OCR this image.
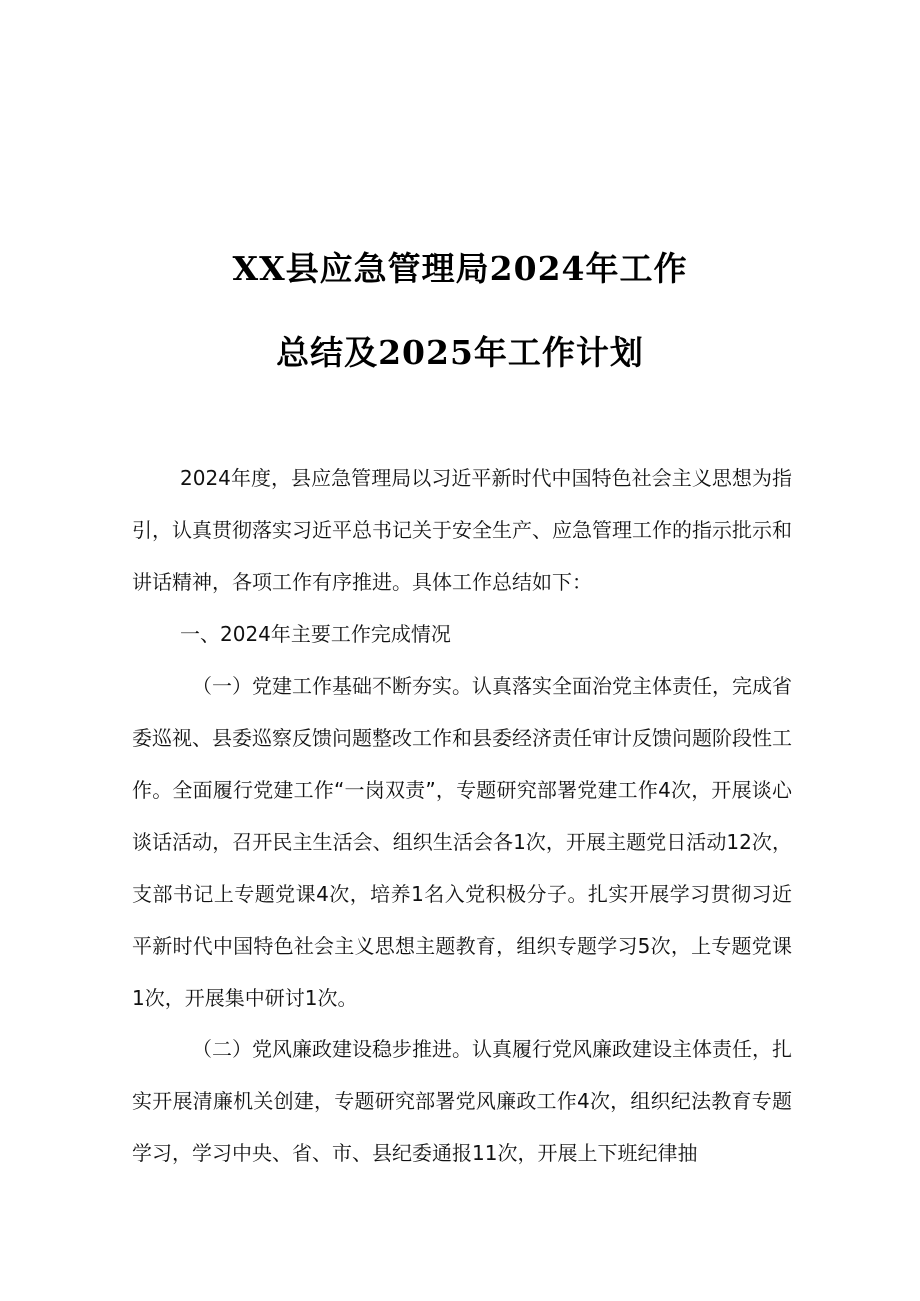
XX县应急管理局2024年工作
总结及2025年工作计划

2024年度，县应急管理局以习近平新时代中国特色社会主义思想为指引，认真贯彻落实习近平总书记关于安全生产、应急管理工作的指示批示和讲话精神，各项工作有序推进。具体工作总结如下：

一、2024年主要工作完成情况

（一）党建工作基础不断夯实。认真落实全面治党主体责任，完成省委巡视、县委巡察反馈问题整改工作和县委经济责任审计反馈问题阶段性工作。全面履行党建工作“一岗双责”，专题研究部署党建工作4次，开展谈心谈话活动，召开民主生活会、组织生活会各1次，开展主题党日活动12次，支部书记上专题党课4次，培养1名入党积极分子。扎实开展学习贯彻习近平新时代中国特色社会主义思想主题教育，组织专题学习5次，上专题党课1次，开展集中研讨1次。

（二）党风廉政建设稳步推进。认真履行党风廉政建设主体责任，扎实开展清廉机关创建，专题研究部署党风廉政工作4次，组织纪法教育专题学习，学习中央、省、市、县纪委通报11次，开展上下班纪律抽
